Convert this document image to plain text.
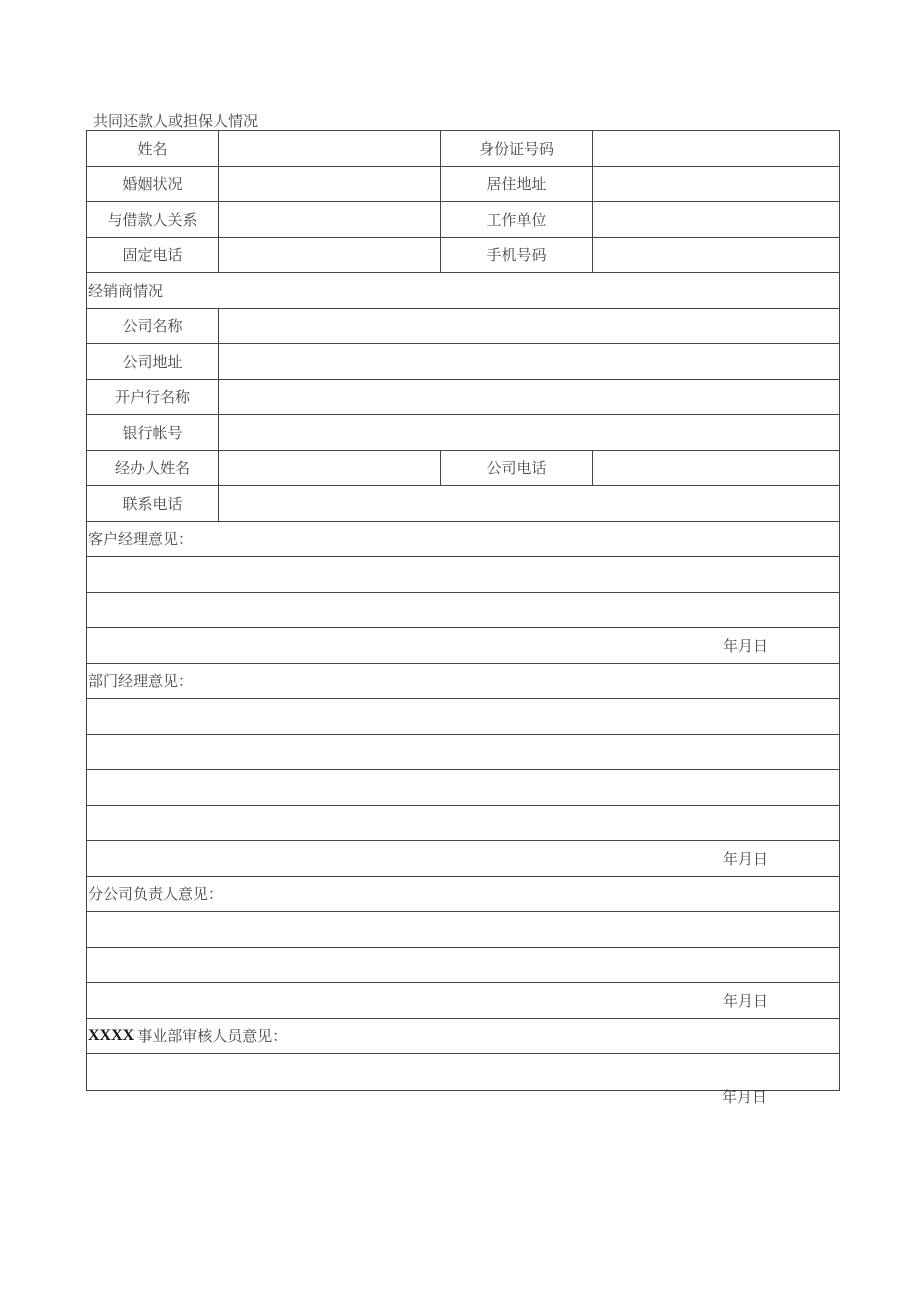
共同还款人或担保人情况
姓名	身份证号码
婚姻状况	居住地址
与借款人关系	工作单位
固定电话	手机号码
经销商情况
公司名称
公司地址
开户行名称
银行帐号
经办人姓名	公司电话
联系电话
客户经理意见：
年月日
部门经理意见：
年月日
分公司负责人意见：
年月日
XXXX 事业部审核人员意见：
年月日
